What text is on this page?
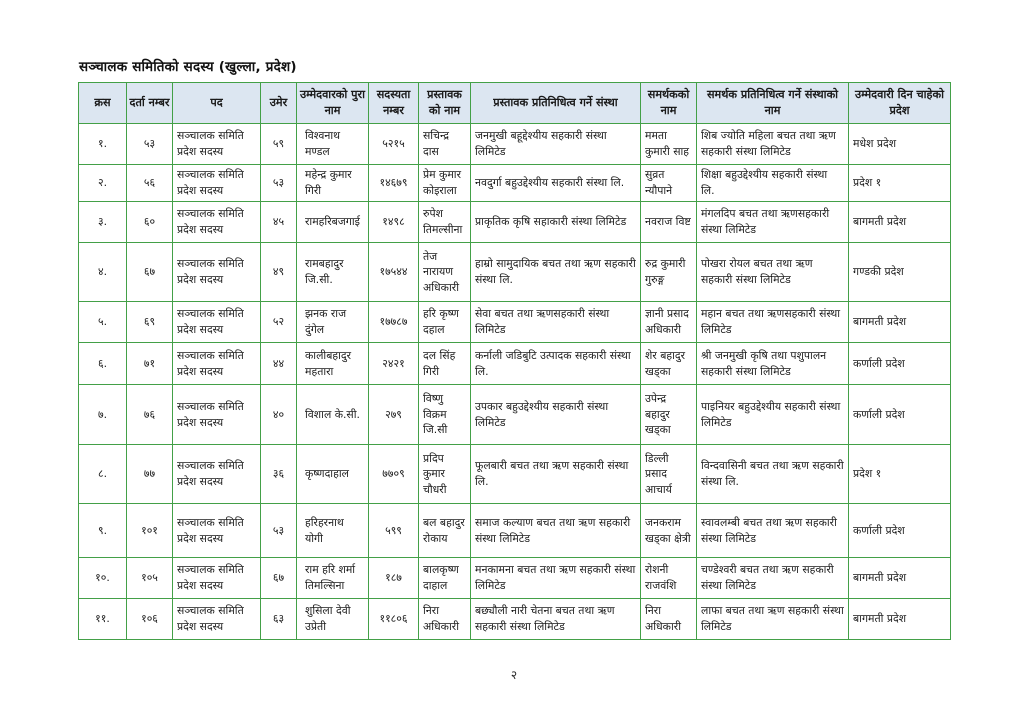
सञ्चालक समितिको सदस्य (खुल्ला, प्रदेश)
क्रस	दर्ता नम्बर	पद	उमेर	उम्मेदवारको पुरा नाम	सदस्यता नम्बर	प्रस्तावक को नाम	प्रस्तावक प्रतिनिधित्व गर्ने संस्था	समर्थकको नाम	समर्थक प्रतिनिधित्व गर्ने संस्थाको नाम	उम्मेदवारी दिन चाहेको प्रदेश
१.	५३	सञ्चालक समिति प्रदेश सदस्य	५९	विश्वनाथ मण्डल	५२१५	सचिन्द्र दास	जनमुखी बहूद्देश्यीय सहकारी संस्था लिमिटेड	ममता कुमारी साह	शिब ज्योति महिला बचत तथा ऋण सहकारी संस्था लिमिटेड	मधेश प्रदेश
२.	५६	सञ्चालक समिति प्रदेश सदस्य	५३	महेन्द्र कुमार गिरी	१४६७९	प्रेम कुमार कोइराला	नवदुर्गा बहुउद्देश्यीय सहकारी संस्था लि.	सुव्रत न्यौपाने	शिक्षा बहुउद्देश्यीय सहकारी संस्था लि.	प्रदेश १
३.	६०	सञ्चालक समिति प्रदेश सदस्य	४५	रामहरिबजगाई	१४९८	रुपेश तिमल्सीना	प्राकृतिक कृषि सहाकारी संस्था लिमिटेड	नवराज विष्ट	मंगलदिप बचत तथा ऋणसहकारी संस्था लिमिटेड	बागमती प्रदेश
४.	६७	सञ्चालक समिति प्रदेश सदस्य	४९	रामबहादुर जि.सी.	१७५४४	तेज नारायण अधिकारी	हाम्रो सामुदायिक बचत तथा ऋण सहकारी संस्था लि.	रुद्र कुमारी गुरुङ्ग	पोखरा रोयल बचत तथा ऋण सहकारी संस्था लिमिटेड	गण्डकी प्रदेश
५.	६९	सञ्चालक समिति प्रदेश सदस्य	५२	झनक राज दुंगेल	१७७८७	हरि कृष्ण दहाल	सेवा बचत तथा ऋणसहकारी संस्था लिमिटेड	ज्ञानी प्रसाद अधिकारी	महान बचत तथा ऋणसहकारी संस्था लिमिटेड	बागमती प्रदेश
६.	७१	सञ्चालक समिति प्रदेश सदस्य	४४	कालीबहादुर महतारा	२४२१	दल सिंह गिरी	कर्नाली जडिबुटि उत्पादक सहकारी संस्था लि.	शेर बहादुर खड्का	श्री जनमुखी कृषि तथा पशुपालन सहकारी संस्था लिमिटेड	कर्णाली प्रदेश
७.	७६	सञ्चालक समिति प्रदेश सदस्य	४०	विशाल के.सी.	२७९	विष्णु विक्रम जि.सी	उपकार बहुउद्देश्यीय सहकारी संस्था लिमिटेड	उपेन्द्र बहादुर खड्का	पाइनियर बहुउद्देश्यीय सहकारी संस्था लिमिटेड	कर्णाली प्रदेश
८.	७७	सञ्चालक समिति प्रदेश सदस्य	३६	कृष्णदाहाल	७७०९	प्रदिप कुमार चौधरी	फूलबारी बचत तथा ऋण सहकारी संस्था लि.	डिल्ली प्रसाद आचार्य	विन्दवासिनी बचत तथा ऋण सहकारी संस्था लि.	प्रदेश १
९.	१०१	सञ्चालक समिति प्रदेश सदस्य	५३	हरिहरनाथ योगी	५९९	बल बहादुर रोकाय	समाज कल्याण बचत तथा ऋण सहकारी संस्था लिमिटेड	जनकराम खड्का क्षेत्री	स्वावलम्बी बचत तथा ऋण सहकारी संस्था लिमिटेड	कर्णाली प्रदेश
१०.	१०५	सञ्चालक समिति प्रदेश सदस्य	६७	राम हरि शर्मा तिमल्सिना	१८७	बालकृष्ण दाहाल	मनकामना बचत तथा ऋण सहकारी संस्था लिमिटेड	रोशनी राजवंशि	चण्डेश्वरी बचत तथा ऋण सहकारी संस्था लिमिटेड	बागमती प्रदेश
११.	१०६	सञ्चालक समिति प्रदेश सदस्य	६३	शुसिला देवी उप्रेती	११८०६	निरा अधिकारी	बछ्यौली नारी चेतना बचत तथा ऋण सहकारी संस्था लिमिटेड	निरा अधिकारी	लाफा बचत तथा ऋण सहकारी संस्था लिमिटेड	बागमती प्रदेश
२
